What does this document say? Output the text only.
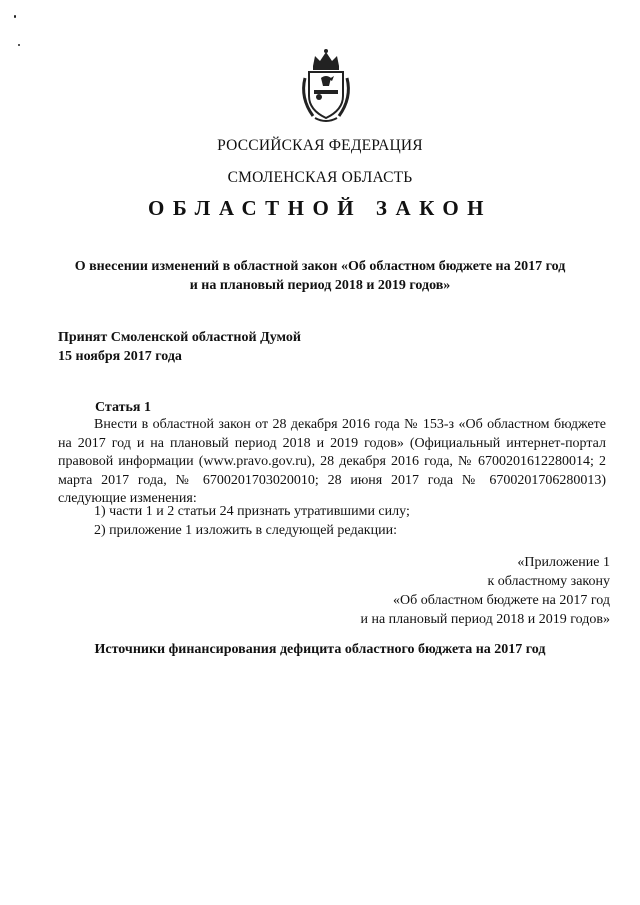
РОССИЙСКАЯ ФЕДЕРАЦИЯ
СМОЛЕНСКАЯ ОБЛАСТЬ
ОБЛАСТНОЙ ЗАКОН
О внесении изменений в областной закон «Об областном бюджете на 2017 год
и на плановый период 2018 и 2019 годов»
Принят Смоленской областной Думой
15 ноября 2017 года
Статья 1

Внести в областной закон от 28 декабря 2016 года № 153-з «Об областном бюджете на 2017 год и на плановый период 2018 и 2019 годов» (Официальный интернет-портал правовой информации (www.pravo.gov.ru), 28 декабря 2016 года, № 6700201612280014; 2 марта 2017 года, № 6700201703020010; 28 июня 2017 года № 6700201706280013) следующие изменения:

1) части 1 и 2 статьи 24 признать утратившими силу;
2) приложение 1 изложить в следующей редакции:
«Приложение 1
к областному закону
«Об областном бюджете на 2017 год
и на плановый период 2018 и 2019 годов»
Источники финансирования дефицита областного бюджета на 2017 год
